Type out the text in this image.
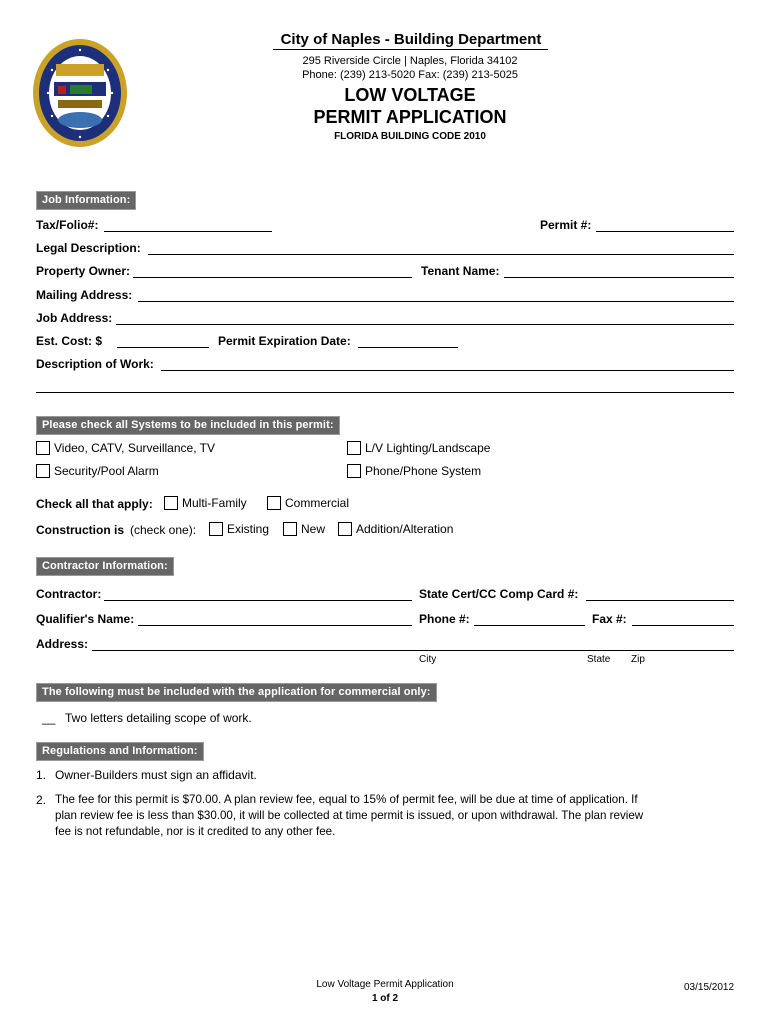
City of Naples - Building Department
295 Riverside Circle | Naples, Florida 34102
Phone: (239) 213-5020 Fax: (239) 213-5025
LOW VOLTAGE
PERMIT APPLICATION
FLORIDA BUILDING CODE 2010
Job Information:
Tax/Folio#:	Permit #:
Legal Description:
Property Owner:	Tenant Name:
Mailing Address:
Job Address:
Est. Cost: $	Permit Expiration Date:
Description of Work:
Please check all Systems to be included in this permit:
Video, CATV, Surveillance, TV	L/V Lighting/Landscape
Security/Pool Alarm	Phone/Phone System
Check all that apply: Multi-Family	Commercial
Construction is (check one):	Existing	New	Addition/Alteration
Contractor Information:
Contractor:	State Cert/CC Comp Card #:
Qualifier's Name:	Phone #:	Fax #:
Address:
City	State Zip
The following must be included with the application for commercial only:
__ Two letters detailing scope of work.
Regulations and Information:
1. Owner-Builders must sign an affidavit.
2. The fee for this permit is $70.00. A plan review fee, equal to 15% of permit fee, will be due at time of application. If
plan review fee is less than $30.00, it will be collected at time permit is issued, or upon withdrawal. The plan review
fee is not refundable, nor is it credited to any other fee.
Low Voltage Permit Application
1 of 2
03/15/2012
